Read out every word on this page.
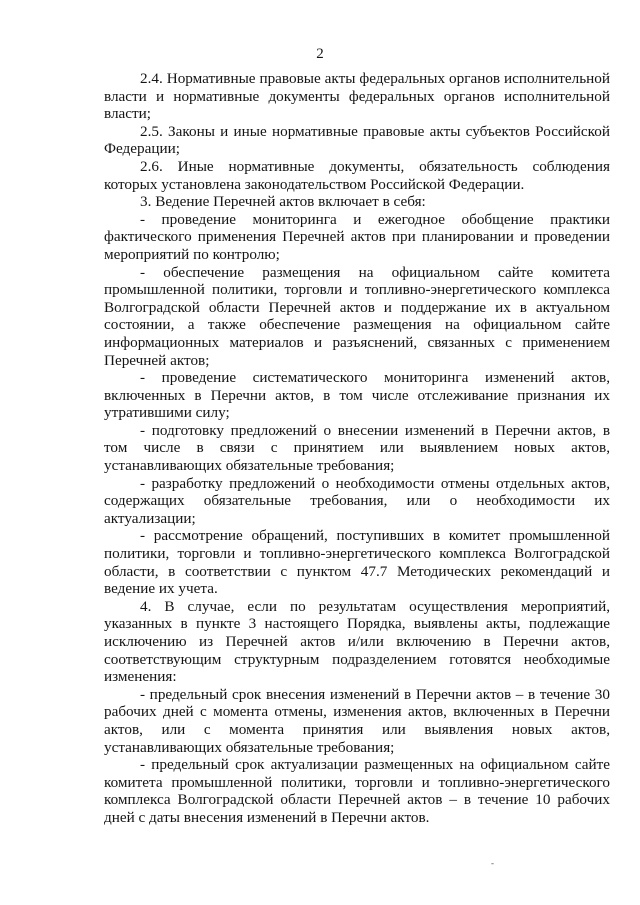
2

2.4. Нормативные правовые акты федеральных органов исполнительной власти и нормативные документы федеральных органов исполнительной власти;

2.5. Законы и иные нормативные правовые акты субъектов Российской Федерации;

2.6. Иные нормативные документы, обязательность соблюдения которых установлена законодательством Российской Федерации.

3. Ведение Перечней актов включает в себя:

- проведение мониторинга и ежегодное обобщение практики фактического применения Перечней актов при планировании и проведении мероприятий по контролю;

- обеспечение размещения на официальном сайте комитета промышленной политики, торговли и топливно-энергетического комплекса Волгоградской области Перечней актов и поддержание их в актуальном состоянии, а также обеспечение размещения на официальном сайте информационных материалов и разъяснений, связанных с применением Перечней актов;

- проведение систематического мониторинга изменений актов, включенных в Перечни актов, в том числе отслеживание признания их утратившими силу;

- подготовку предложений о внесении изменений в Перечни актов, в том числе в связи с принятием или выявлением новых актов, устанавливающих обязательные требования;

- разработку предложений о необходимости отмены отдельных актов, содержащих обязательные требования, или о необходимости их актуализации;

- рассмотрение обращений, поступивших в комитет промышленной политики, торговли и топливно-энергетического комплекса Волгоградской области, в соответствии с пунктом 47.7 Методических рекомендаций и ведение их учета.

4. В случае, если по результатам осуществления мероприятий, указанных в пункте 3 настоящего Порядка, выявлены акты, подлежащие исключению из Перечней актов и/или включению в Перечни актов, соответствующим структурным подразделением готовятся необходимые изменения:

- предельный срок внесения изменений в Перечни актов – в течение 30 рабочих дней с момента отмены, изменения актов, включенных в Перечни актов, или с момента принятия или выявления новых актов, устанавливающих обязательные требования;

- предельный срок актуализации размещенных на официальном сайте комитета промышленной политики, торговли и топливно-энергетического комплекса Волгоградской области Перечней актов – в течение 10 рабочих дней с даты внесения изменений в Перечни актов.

-
